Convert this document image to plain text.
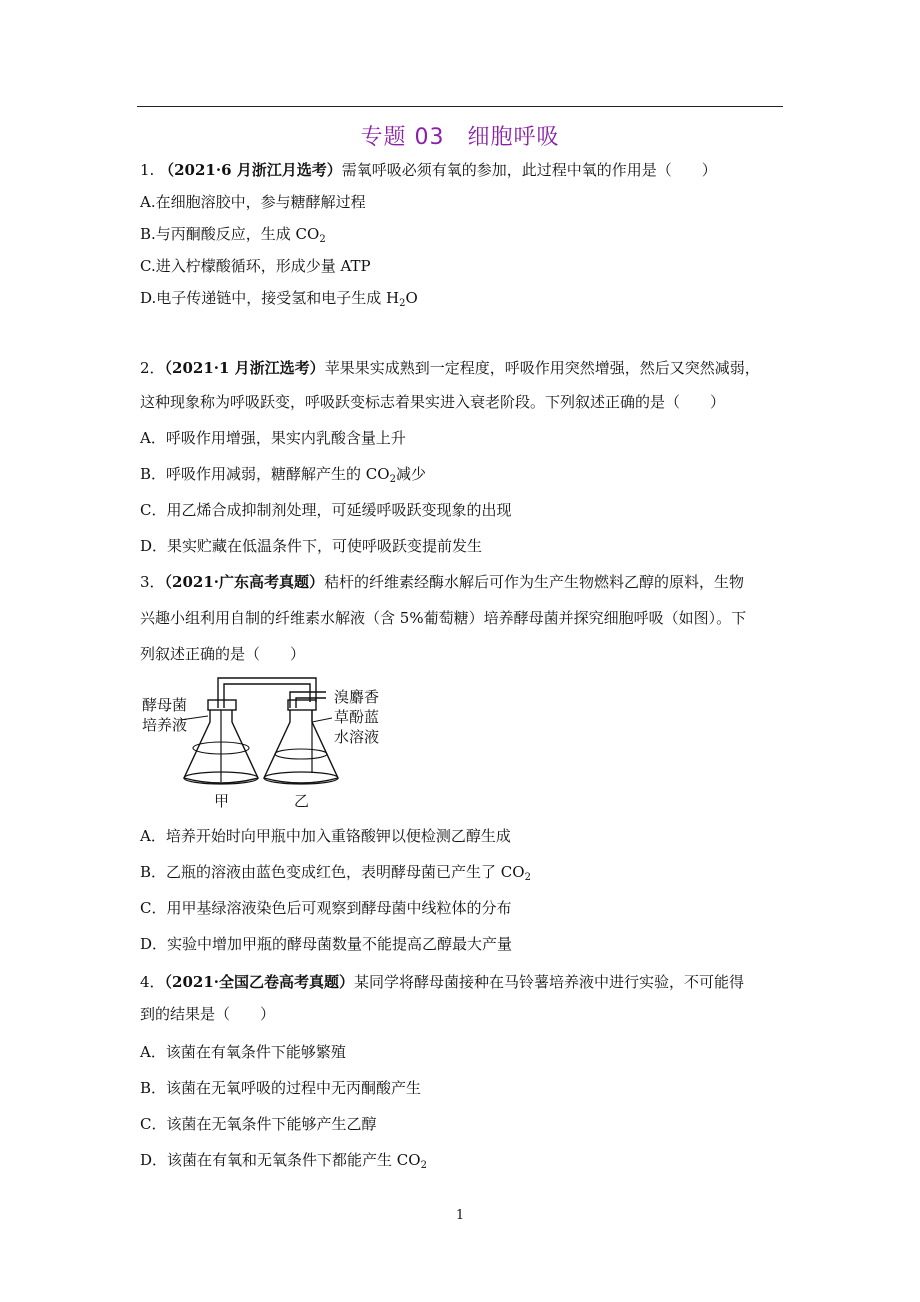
专题 03　细胞呼吸
1. （2021·6 月浙江月选考）需氧呼吸必须有氧的参加，此过程中氧的作用是（　　）
A.在细胞溶胶中，参与糖酵解过程
B.与丙酮酸反应，生成 $CO_2$
C.进入柠檬酸循环，形成少量 ATP
D.电子传递链中，接受氢和电子生成 $H_2O$
2．（2021·1 月浙江选考）苹果果实成熟到一定程度，呼吸作用突然增强，然后又突然减弱，
这种现象称为呼吸跃变，呼吸跃变标志着果实进入衰老阶段。下列叙述正确的是（　　）
A．呼吸作用增强，果实内乳酸含量上升
B．呼吸作用减弱，糖酵解产生的 $CO_2$减少
C．用乙烯合成抑制剂处理，可延缓呼吸跃变现象的出现
D．果实贮藏在低温条件下，可使呼吸跃变提前发生
3．（2021·广东高考真题）秸杆的纤维素经酶水解后可作为生产生物燃料乙醇的原料，生物
兴趣小组利用自制的纤维素水解液（含 5%葡萄糖）培养酵母菌并探究细胞呼吸（如图）。下
列叙述正确的是（　　）
酵母菌
培养液
溴麝香
草酚蓝
水溶液
甲	乙
A．培养开始时向甲瓶中加入重铬酸钾以便检测乙醇生成
B．乙瓶的溶液由蓝色变成红色，表明酵母菌已产生了 $CO_2$
C．用甲基绿溶液染色后可观察到酵母菌中线粒体的分布
D．实验中增加甲瓶的酵母菌数量不能提高乙醇最大产量
4．（2021·全国乙卷高考真题）某同学将酵母菌接种在马铃薯培养液中进行实验，不可能得
到的结果是（　　）
A．该菌在有氧条件下能够繁殖
B．该菌在无氧呼吸的过程中无丙酮酸产生
C．该菌在无氧条件下能够产生乙醇
D．该菌在有氧和无氧条件下都能产生 $CO_2$
1
